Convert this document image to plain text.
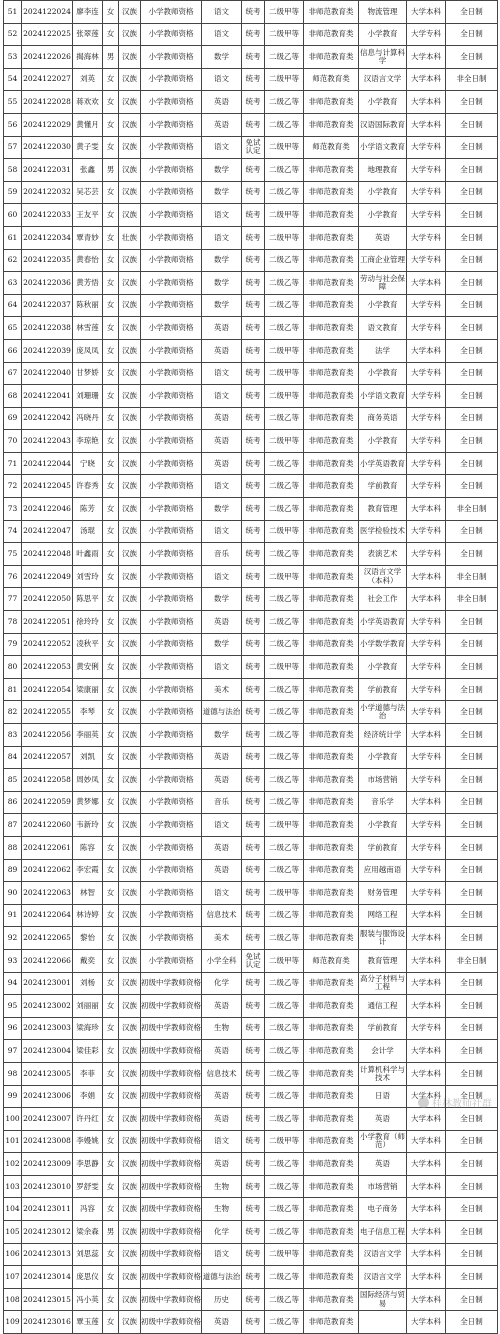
51	2024122024	廖李连	女	汉族	小学教师资格	语文	统考	二级甲等	非师范教育类	物流管理	大学本科	全日制
52	2024122025	张翠莲	女	汉族	小学教师资格	语文	统考	二级甲等	非师范教育类	小学教育	大学专科	全日制
53	2024122026	揭海林	男	汉族	小学教师资格	数学	统考	二级乙等	非师范教育类	信息与计算科学	大学本科	全日制
54	2024122027	刘英	女	汉族	小学教师资格	语文	统考	二级甲等	师范教育类	汉语言文学	大学本科	非全日制
55	2024122028	蒋欢欢	女	汉族	小学教师资格	英语	统考	二级乙等	非师范教育类	小学教育	大学本科	全日制
56	2024122029	黄懂月	女	汉族	小学教师资格	英语	统考	二级乙等	非师范教育类	汉语国际教育	大学本科	全日制
57	2024122030	黄子雯	女	汉族	小学教师资格	语文	免试认定	二级甲等	师范教育类	小学语文教育	大学专科	全日制
58	2024122031	张鑫	男	汉族	小学教师资格	数学	统考	二级乙等	非师范教育类	地理教育	大学专科	全日制
59	2024122032	吴芯芸	女	汉族	小学教师资格	数学	统考	二级乙等	非师范教育类	小学教育	大学专科	全日制
60	2024122033	王友平	女	汉族	小学教师资格	语文	统考	二级甲等	非师范教育类	小学教育	大学专科	全日制
61	2024122034	覃青妙	女	壮族	小学教师资格	语文	统考	二级甲等	非师范教育类	英语	大学专科	全日制
62	2024122035	黄春怡	女	汉族	小学教师资格	数学	统考	二级乙等	非师范教育类	工商企业管理	大学专科	全日制
63	2024122036	黄芳悟	女	汉族	小学教师资格	数学	统考	二级乙等	非师范教育类	劳动与社会保障	大学本科	全日制
64	2024122037	陈秋丽	女	汉族	小学教师资格	数学	统考	二级乙等	非师范教育类	小学教育	大学专科	全日制
65	2024122038	林雪莲	女	汉族	小学教师资格	英语	统考	二级乙等	非师范教育类	语文教育	大学专科	全日制
66	2024122039	庞凤凤	女	汉族	小学教师资格	英语	统考	二级甲等	非师范教育类	法学	大学本科	全日制
67	2024122040	甘梦娇	女	汉族	小学教师资格	语文	统考	二级甲等	非师范教育类	小学教育	大学专科	全日制
68	2024122041	刘珊珊	女	汉族	小学教师资格	语文	统考	二级甲等	非师范教育类	小学语文教育	大学专科	全日制
69	2024122042	冯晓丹	女	汉族	小学教师资格	英语	统考	二级乙等	非师范教育类	商务英语	大学专科	全日制
70	2024122043	李琼艳	女	汉族	小学教师资格	英语	统考	二级甲等	非师范教育类	小学教育	大学专科	全日制
71	2024122044	宁晓	女	汉族	小学教师资格	英语	统考	二级乙等	非师范教育类	小学英语教育	大学专科	全日制
72	2024122045	许春秀	女	汉族	小学教师资格	语文	统考	二级乙等	非师范教育类	学前教育	大学专科	全日制
73	2024122046	陈芳	女	汉族	小学教师资格	数学	统考	二级乙等	非师范教育类	教育管理	大学本科	非全日制
74	2024122047	汤琨	女	汉族	小学教师资格	语文	统考	二级甲等	非师范教育类	医学检验技术	大学专科	全日制
75	2024122048	叶鑫雨	女	汉族	小学教师资格	音乐	统考	二级乙等	非师范教育类	表演艺术	大学专科	全日制
76	2024122049	刘雪玲	女	汉族	小学教师资格	语文	统考	二级甲等	非师范教育类	汉语言文学（本科）	大学本科	非全日制
77	2024122050	陈思平	女	汉族	小学教师资格	数学	统考	二级乙等	非师范教育类	社会工作	大学本科	非全日制
78	2024122051	徐玲玲	女	汉族	小学教师资格	英语	统考	二级乙等	非师范教育类	小学英语教育	大学专科	全日制
79	2024122052	凌秋平	女	汉族	小学教师资格	数学	统考	二级乙等	非师范教育类	小学数学教育	大学专科	全日制
80	2024122053	黄安俐	女	汉族	小学教师资格	语文	统考	二级甲等	非师范教育类	小学教育	大学专科	全日制
81	2024122054	梁康丽	女	汉族	小学教师资格	美术	统考	二级乙等	非师范教育类	学前教育	大学专科	全日制
82	2024122055	李琴	女	汉族	小学教师资格	道德与法治	统考	二级乙等	非师范教育类	小学道德与法治	大学专科	全日制
83	2024122056	李丽英	女	汉族	小学教师资格	数学	统考	二级乙等	非师范教育类	经济统计学	大学本科	全日制
84	2024122057	刘凯	女	汉族	小学教师资格	英语	统考	二级乙等	非师范教育类	小学教育	大学专科	全日制
85	2024122058	周妙凤	女	汉族	小学教师资格	英语	统考	二级乙等	非师范教育类	市场营销	大学专科	全日制
86	2024122059	黄梦娜	女	汉族	小学教师资格	音乐	统考	二级乙等	非师范教育类	音乐学	大学本科	全日制
87	2024122060	韦新玲	女	汉族	小学教师资格	语文	统考	二级甲等	非师范教育类	小学教育	大学专科	全日制
88	2024122061	陈容	女	汉族	小学教师资格	英语	统考	二级乙等	非师范教育类	学前教育	大学专科	全日制
89	2024122062	李宏霞	女	汉族	小学教师资格	英语	统考	二级乙等	非师范教育类	应用越南语	大学专科	全日制
90	2024122063	林智	女	汉族	小学教师资格	语文	统考	二级甲等	非师范教育类	财务管理	大学专科	全日制
91	2024122064	林诗婷	女	汉族	小学教师资格	信息技术	统考	二级乙等	非师范教育类	网络工程	大学本科	全日制
92	2024122065	黎怡	女	汉族	小学教师资格	美术	统考	二级乙等	非师范教育类	服装与服饰设计	大学本科	全日制
93	2024122066	戴奕	女	汉族	小学教师资格	小学全科	免试认定	二级甲等	师范教育类	教育管理	大学本科	非全日制
94	2024123001	刘杨	女	汉族	初级中学教师资格	化学	统考	二级乙等	非师范教育类	高分子材料与工程	大学本科	全日制
95	2024123002	刘丽丽	女	汉族	初级中学教师资格	英语	统考	二级乙等	非师范教育类	通信工程	大学本科	全日制
96	2024123003	梁海珍	女	汉族	初级中学教师资格	生物	统考	二级乙等	非师范教育类	学前教育	大学专科	全日制
97	2024123004	梁佳彩	女	汉族	初级中学教师资格	英语	统考	二级乙等	非师范教育类	会计学	大学本科	全日制
98	2024123005	李菲	女	汉族	初级中学教师资格	信息技术	统考	二级乙等	非师范教育类	计算机科学与技术	大学本科	全日制
99	2024123006	李娟	女	汉族	初级中学教师资格	英语	统考	二级乙等	非师范教育类	日语	大学本科	全日制
100	2024123007	许丹红	女	汉族	初级中学教师资格	英语	统考	二级乙等	非师范教育类	英语	大学本科	全日制
101	2024123008	李嫚姚	女	汉族	初级中学教师资格	语文	统考	二级甲等	非师范教育类	小学教育（师范）	大学本科	全日制
102	2024123009	李思静	女	汉族	初级中学教师资格	英语	统考	二级乙等	非师范教育类	英语	大学本科	全日制
103	2024123010	罗舒雯	女	汉族	初级中学教师资格	生物	统考	二级乙等	非师范教育类	市场营销	大学本科	全日制
104	2024123011	冯容	女	汉族	初级中学教师资格	生物	统考	二级乙等	非师范教育类	电子商务	大学本科	全日制
105	2024123012	梁余森	男	汉族	初级中学教师资格	化学	统考	二级乙等	非师范教育类	电子信息工程	大学本科	全日制
106	2024123013	刘思蕊	女	汉族	初级中学教师资格	语文	统考	二级甲等	非师范教育类	汉语言文学	大学本科	全日制
107	2024123014	庞思仪	女	汉族	初级中学教师资格	道德与法治	统考	二级乙等	非师范教育类	汉语言文学	大学本科	全日制
108	2024123015	冯小英	女	汉族	初级中学教师资格	历史	统考	二级乙等	非师范教育类	国际经济与贸易	大学本科	全日制
109	2024123016	覃玉莲	女	汉族	初级中学教师资格	英语	统考	二级乙等	非师范教育类		大学本科	全日制
桂林教师社群
